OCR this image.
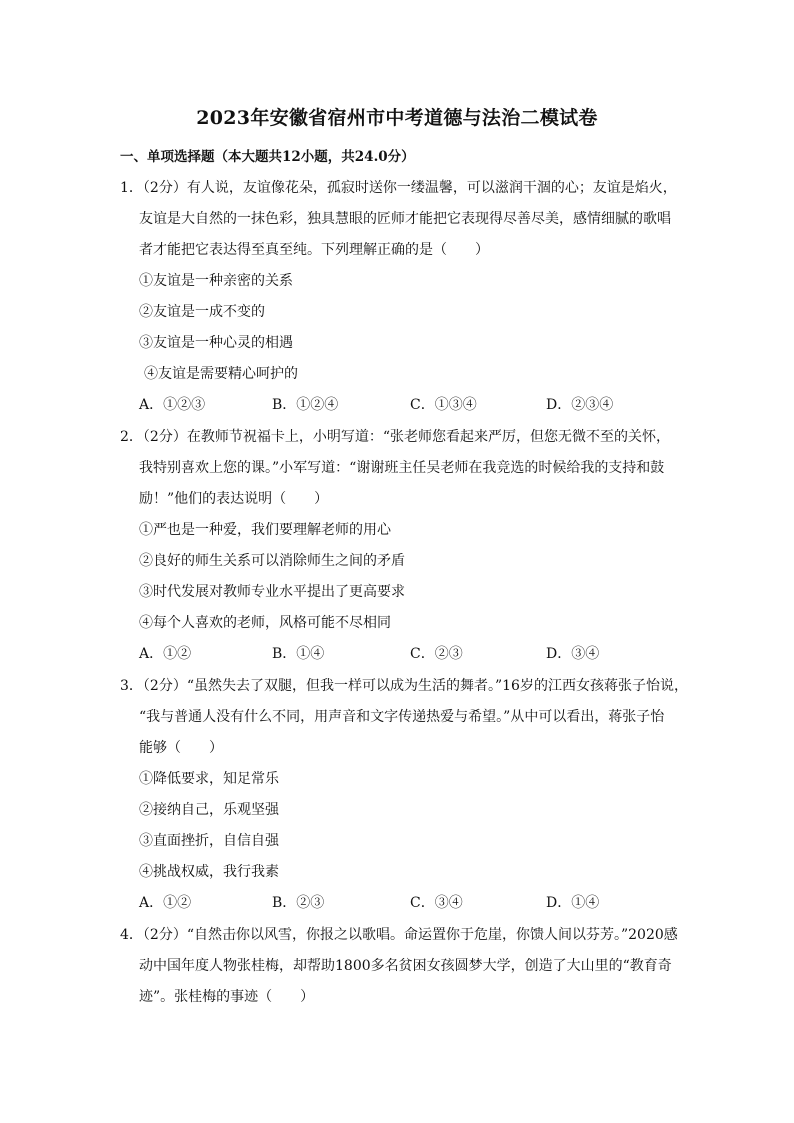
2023年安徽省宿州市中考道德与法治二模试卷
一、单项选择题（本大题共12小题，共24.0分）
1．（2分）有人说，友谊像花朵，孤寂时送你一缕温馨，可以滋润干涸的心；友谊是焰火，
友谊是大自然的一抹色彩，独具慧眼的匠师才能把它表现得尽善尽美，感情细腻的歌唱
者才能把它表达得至真至纯。下列理解正确的是（　　）
①友谊是一种亲密的关系
②友谊是一成不变的
③友谊是一种心灵的相遇
④友谊是需要精心呵护的
A．①②③	B．①②④	C．①③④	D．②③④
2．（2分）在教师节祝福卡上，小明写道：“张老师您看起来严厉，但您无微不至的关怀，
我特别喜欢上您的课。”小军写道：“谢谢班主任吴老师在我竞选的时候给我的支持和鼓
励！”他们的表达说明（　　）
①严也是一种爱，我们要理解老师的用心
②良好的师生关系可以消除师生之间的矛盾
③时代发展对教师专业水平提出了更高要求
④每个人喜欢的老师，风格可能不尽相同
A．①②	B．①④	C．②③	D．③④
3．（2分）“虽然失去了双腿，但我一样可以成为生活的舞者。”16岁的江西女孩蒋张子怡说，
“我与普通人没有什么不同，用声音和文字传递热爱与希望。”从中可以看出，蒋张子怡
能够（　　）
①降低要求，知足常乐
②接纳自己，乐观坚强
③直面挫折，自信自强
④挑战权威，我行我素
A．①②	B．②③	C．③④	D．①④
4．（2分）“自然击你以风雪，你报之以歌唱。命运置你于危崖，你馈人间以芬芳。”2020感
动中国年度人物张桂梅，却帮助1800多名贫困女孩圆梦大学，创造了大山里的“教育奇
迹”。张桂梅的事迹（　　）
